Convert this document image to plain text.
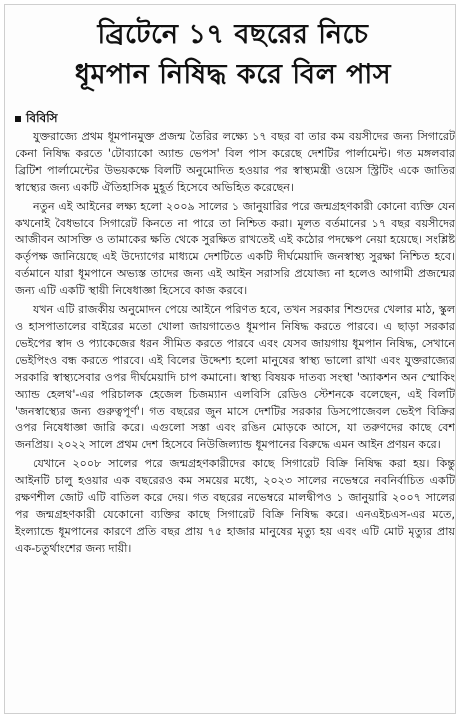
ব্রিটেনে ১৭ বছরের নিচে
ধূমপান নিষিদ্ধ করে বিল পাস
বিবিসি

যুক্তরাজ্যে প্রথম ধূমপানমুক্ত প্রজন্ম তৈরির লক্ষ্যে ১৭ বছর বা তার কম বয়সীদের জন্য সিগারেট কেনা নিষিদ্ধ করতে 'টোব্যাকো অ্যান্ড ভেপস' বিল পাস করেছে দেশটির পার্লামেন্ট। গত মঙ্গলবার ব্রিটিশ পার্লামেন্টের উভয়কক্ষে বিলটি অনুমোদিত হওয়ার পর স্বাস্থ্যমন্ত্রী ওয়েস স্ট্রিটিং একে জাতির স্বাস্থ্যের জন্য একটি ঐতিহাসিক মুহূর্ত হিসেবে অভিহিত করেছেন।

নতুন এই আইনের লক্ষ্য হলো ২০০৯ সালের ১ জানুয়ারির পরে জন্মগ্রহণকারী কোনো ব্যক্তি যেন কখনোই বৈধভাবে সিগারেট কিনতে না পারে তা নিশ্চিত করা। মূলত বর্তমানের ১৭ বছর বয়সীদের আজীবন আসক্তি ও তামাকের ক্ষতি থেকে সুরক্ষিত রাখতেই এই কঠোর পদক্ষেপ নেয়া হয়েছে। সংশ্লিষ্ট কর্তৃপক্ষ জানিয়েছে এই উদ্যোগের মাধ্যমে দেশটিতে একটি দীর্ঘমেয়াদি জনস্বাস্থ্য সুরক্ষা নিশ্চিত হবে। বর্তমানে যারা ধূমপানে অভ্যস্ত তাদের জন্য এই আইন সরাসরি প্রযোজ্য না হলেও আগামী প্রজন্মের জন্য এটি একটি স্থায়ী নিষেধাজ্ঞা হিসেবে কাজ করবে।

যখন এটি রাজকীয় অনুমোদন পেয়ে আইনে পরিণত হবে, তখন সরকার শিশুদের খেলার মাঠ, স্কুল ও হাসপাতালের বাইরের মতো খোলা জায়গাতেও ধূমপান নিষিদ্ধ করতে পারবে। এ ছাড়া সরকার ভেইপের স্বাদ ও প্যাকেজের ধরন সীমিত করতে পারবে এবং যেসব জায়গায় ধূমপান নিষিদ্ধ, সেখানে ভেইপিংও বন্ধ করতে পারবে। এই বিলের উদ্দেশ্য হলো মানুষের স্বাস্থ্য ভালো রাখা এবং যুক্তরাজ্যের সরকারি স্বাস্থ্যসেবার ওপর দীর্ঘমেয়াদি চাপ কমানো। স্বাস্থ্য বিষয়ক দাতব্য সংস্থা 'অ্যাকশন অন স্মোকিং অ্যান্ড হেলথ'-এর পরিচালক হেজেল চিজম্যান এলবিসি রেডিও স্টেশনকে বলেছেন, এই বিলটি 'জনস্বাস্থ্যের জন্য গুরুত্বপূর্ণ'। গত বছরের জুন মাসে দেশটির সরকার ডিসপোজেবল ভেইপ বিক্রির ওপর নিষেধাজ্ঞা জারি করে। এগুলো সস্তা এবং রঙিন মোড়কে আসে, যা তরুণদের কাছে বেশ জনপ্রিয়। ২০২২ সালে প্রথম দেশ হিসেবে নিউজিল্যান্ড ধূমপানের বিরুদ্ধে এমন আইন প্রণয়ন করে।

যেখানে ২০০৮ সালের পরে জন্মগ্রহণকারীদের কাছে সিগারেট বিক্রি নিষিদ্ধ করা হয়। কিন্তু আইনটি চালু হওয়ার এক বছরেরও কম সময়ের মধ্যে, ২০২৩ সালের নভেম্বরে নবনির্বাচিত একটি রক্ষণশীল জোট এটি বাতিল করে দেয়। গত বছরের নভেম্বরে মালদ্বীপও ১ জানুয়ারি ২০০৭ সালের পর জন্মগ্রহণকারী যেকোনো ব্যক্তির কাছে সিগারেট বিক্রি নিষিদ্ধ করে। এনএইচএস-এর মতে, ইংল্যান্ডে ধূমপানের কারণে প্রতি বছর প্রায় ৭৫ হাজার মানুষের মৃত্যু হয় এবং এটি মোট মৃত্যুর প্রায় এক-চতুর্থাংশের জন্য দায়ী।
